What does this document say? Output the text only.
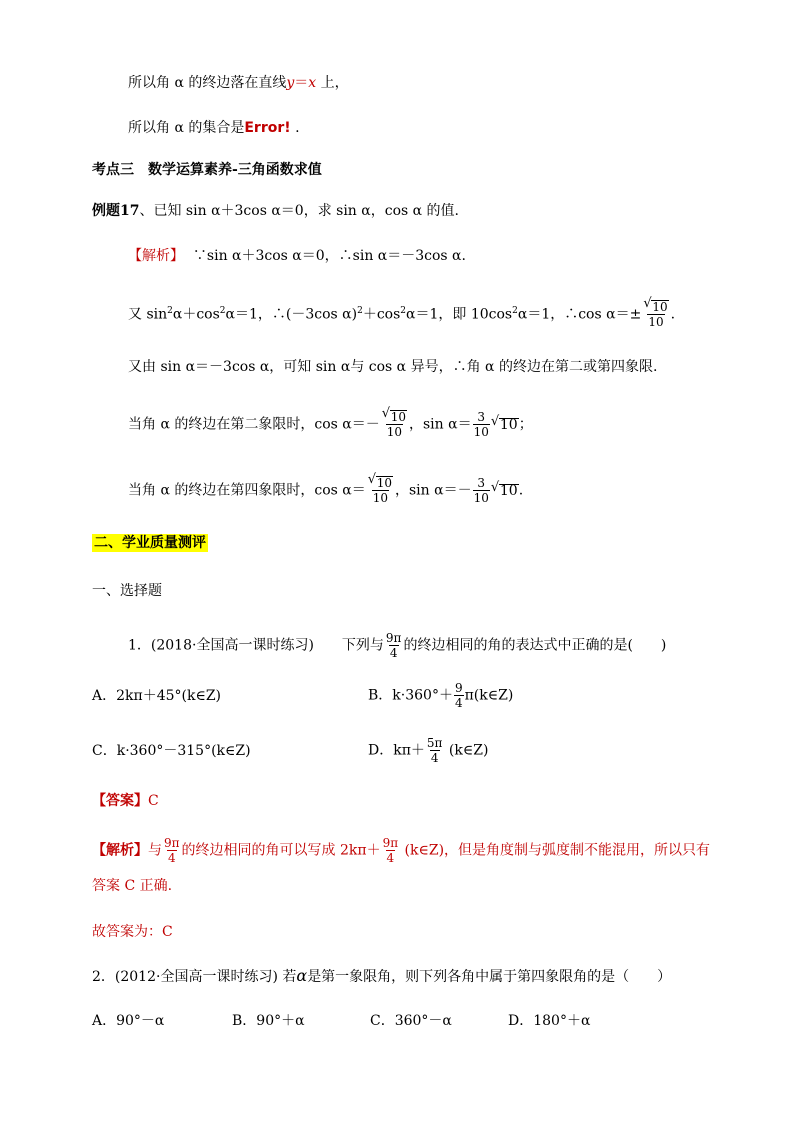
所以角 α 的终边落在直线y＝x 上，
所以角 α 的集合是Error! .
考点三　数学运算素养-三角函数求值
例题17、已知 sin α＋3cos α＝0，求 sin α，cos α 的值.
【解析】 ∵sin α＋3cos α＝0，∴sin α＝－3cos α.
又 $\sin^2\alpha+\cos^2\alpha=1$，∴(－3cos $\alpha)^2+\cos^2\alpha=1$，即 $10\cos^2\alpha=1$，∴cos α＝± √ $\frac{10}{10}$ .
又由 sin α＝－3cos α，可知 sin α与 cos α 异号，∴角 α 的终边在第二或第四象限.
当角 α 的终边在第二象限时，cos α＝－ √ $\frac{10}{10}$ ，$\sin \alpha= \frac{3}{10}$ √ 10；
当角 α 的终边在第四象限时，cos α＝ √ $\frac{10}{10}$ ，$\sin \alpha=- \frac{3}{10}$ √ 10.
二、学业质量测评
一、选择题
1．(2018·全国高一课时练习)　　下列与 $\frac{9\pi}{4}$ 的终边相同的角的表达式中正确的是(　　)
A．2kπ＋45°(k∈Z)	B．$k\cdot 360^\circ+ \frac{9}{4}$ π(k∈Z)
C．k·360°－315°(k∈Z)	D．$k\pi+ \frac{5\pi}{4}$ (k∈Z)
【答案】C
【解析】与 $\frac{9\pi}{4}$ 的终边相同的角可以写成 $2k\pi+ \frac{9\pi}{4}$ (k∈Z)，但是角度制与弧度制不能混用，所以只有
答案 C 正确.
故答案为：C
2．(2012·全国高一课时练习) 若α是第一象限角，则下列各角中属于第四象限角的是（　　）
A．90°－α	B．90°＋α	C．360°－α	D．180°＋α
